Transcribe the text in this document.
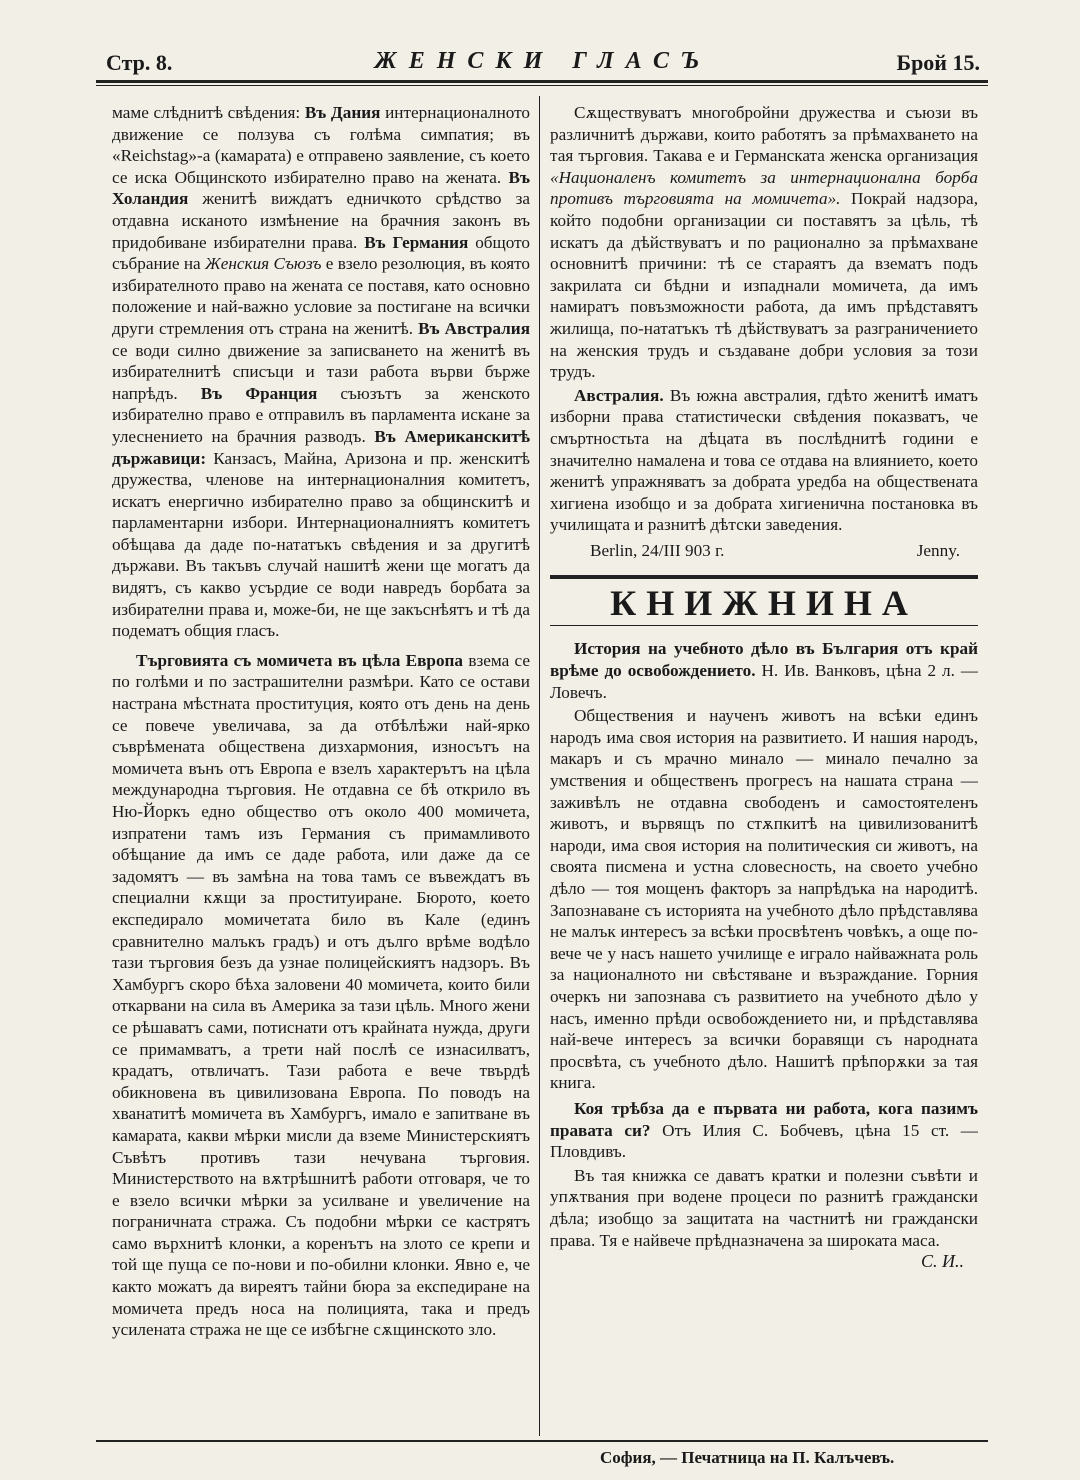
Стр. 8.	ЖЕНСКИ ГЛАСЪ	Брой 15.

маме слѣднитѣ свѣдения: Въ Дания интернационалното движение се ползува съ голѣма симпатия; въ «Reichstag»-а (камарата) е отправено заявление, съ което се иска Общинското избирателно право на жената. Въ Холандия женитѣ виждатъ едничкото срѣдство за отдавна исканото измѣнение на брачния законъ въ придобиване избирателни права. Въ Германия общото събрание на Женския Съюзъ е взело резолюция, въ която избирателното право на жената се поставя, като основно положение и най-важно условие за постигане на всички други стремления отъ страна на женитѣ. Въ Австралия се води силно движение за записването на женитѣ въ избирателнитѣ списъци и тази работа върви бърже напрѣдъ. Въ Франция съюзътъ за женското избирателно право е отправилъ въ парламента искане за улеснението на брачния разводъ. Въ Американскитѣ държавици: Канзасъ, Майна, Аризона и пр. женскитѣ дружества, членове на интернационалния комитетъ, искатъ енергично избирателно право за общинскитѣ и парламентарни избори. Интернационалниятъ комитетъ обѣщава да даде по-нататъкъ свѣдения и за другитѣ държави. Въ такъвъ случай нашитѣ жени ще могатъ да видятъ, съ какво усърдие се води навредъ борбата за избирателни права и, може-би, не ще закъснѣятъ и тѣ да подематъ общия гласъ.

Търговията съ момичета въ цѣла Европа взема се по голѣми и по застрашителни размѣри. Като се остави настрана мѣстната проституция, която отъ день на день се повече увеличава, за да отбѣлѣжи най-ярко съврѣмената обществена дизхармония, износътъ на момичета вънъ отъ Европа е взелъ характерътъ на цѣла международна търговия. Не отдавна се бѣ открило въ Ню-Йоркъ едно общество отъ около 400 момичета, изпратени тамъ изъ Германия съ примамливото обѣщание да имъ се даде работа, или даже да се задомятъ — въ замѣна на това тамъ се въвеждатъ въ специални кѫщи за проституиране. Бюрото, което експедирало момичетата било въ Кале (единъ сравнително малъкъ градъ) и отъ дълго врѣме водѣло тази търговия безъ да узнае полицейскиятъ надзоръ. Въ Хамбургъ скоро бѣха заловени 40 момичета, които били откарвани на сила въ Америка за тази цѣль. Много жени се рѣшаватъ сами, потиснати отъ крайната нужда, други се примамватъ, а трети най послѣ се изнасилватъ, крадатъ, отвличатъ. Тази работа е вече твърдѣ обикновена въ цивилизована Европа. По поводъ на хванатитѣ момичета въ Хамбургъ, имало е запитване въ камарата, какви мѣрки мисли да вземе Министерскиятъ Съвѣтъ противъ тази нечувана търговия. Министерството на вѫтрѣшнитѣ работи отговаря, че то е взело всички мѣрки за усилване и увеличение на пограничната стража. Съ подобни мѣрки се кастрятъ само върхнитѣ клонки, а коренътъ на злото се крепи и той ще пуща се по-нови и по-обилни клонки. Явно е, че както можатъ да виреятъ тайни бюра за експедиране на момичета предъ носа на полицията, така и предъ усилената стража не ще се избѣгне сѫщинското зло.

Сѫществуватъ многобройни дружества и съюзи въ различнитѣ държави, които работятъ за прѣмахването на тая търговия. Такава е и Германската женска организация «Националенъ комитетъ за интернационална борба противъ търговията на момичета». Покрай надзора, който подобни организации си поставятъ за цѣль, тѣ искатъ да дѣйствуватъ и по рационално за прѣмахване основнитѣ причини: тѣ се стараятъ да взематъ подъ закрилата си бѣдни и изпаднали момичета, да имъ намиратъ повъзможности работа, да имъ прѣдставятъ жилища, по-нататъкъ тѣ дѣйствуватъ за разграничението на женския трудъ и създаване добри условия за този трудъ.

Австралия. Въ южна австралия, гдѣто женитѣ иматъ изборни права статистически свѣдения показватъ, че смъртностьта на дѣцата въ послѣднитѣ години е значително намалена и това се отдава на влиянието, което женитѣ упражняватъ за добрата уредба на обществената хигиена изобщо и за добрата хигиенична постановка въ училищата и разнитѣ дѣтски заведения.

Berlin, 24/III 903 г.	Jenny.
КНИЖНИНА

История на учебното дѣло въ България отъ край врѣме до освобождението. Н. Ив. Ванковъ, цѣна 2 л. — Ловечъ.

Обществения и наученъ животъ на всѣки единъ народъ има своя история на развитието. И нашия народъ, макаръ и съ мрачно минало — минало печално за умствения и общественъ прогресъ на нашата страна — заживѣлъ не отдавна свободенъ и самостоятеленъ животъ, и вървящъ по стѫпкитѣ на цивилизованитѣ народи, има своя история на политическия си животъ, на своята писмена и устна словесность, на своето учебно дѣло — тоя мощенъ факторъ за напрѣдъка на народитѣ. Запознаване съ историята на учебното дѣло прѣдставлява не малък интересъ за всѣки просвѣтенъ човѣкъ, а още по-вече че у насъ нашето училище е играло найважната роль за националното ни свѣстяване и възраждание. Горния очеркъ ни запознава съ развитието на учебното дѣло у насъ, именно прѣди освобождението ни, и прѣдставлява най-вече интересъ за всички боравящи съ народната просвѣта, съ учебното дѣло. Нашитѣ прѣпорѫки за тая книга.

Коя трѣбза да е първата ни работа, кога пазимъ правата си? Отъ Илия С. Бобчевъ, цѣна 15 ст. — Пловдивъ.

Въ тая книжка се даватъ кратки и полезни съвѣти и упѫтвания при водене процеси по разнитѣ граждански дѣла; изобщо за защитата на частнитѣ ни граждански права. Тя е найвече прѣдназначена за широката маса.

С. И..
София, — Печатница на П. Калъчевъ.
